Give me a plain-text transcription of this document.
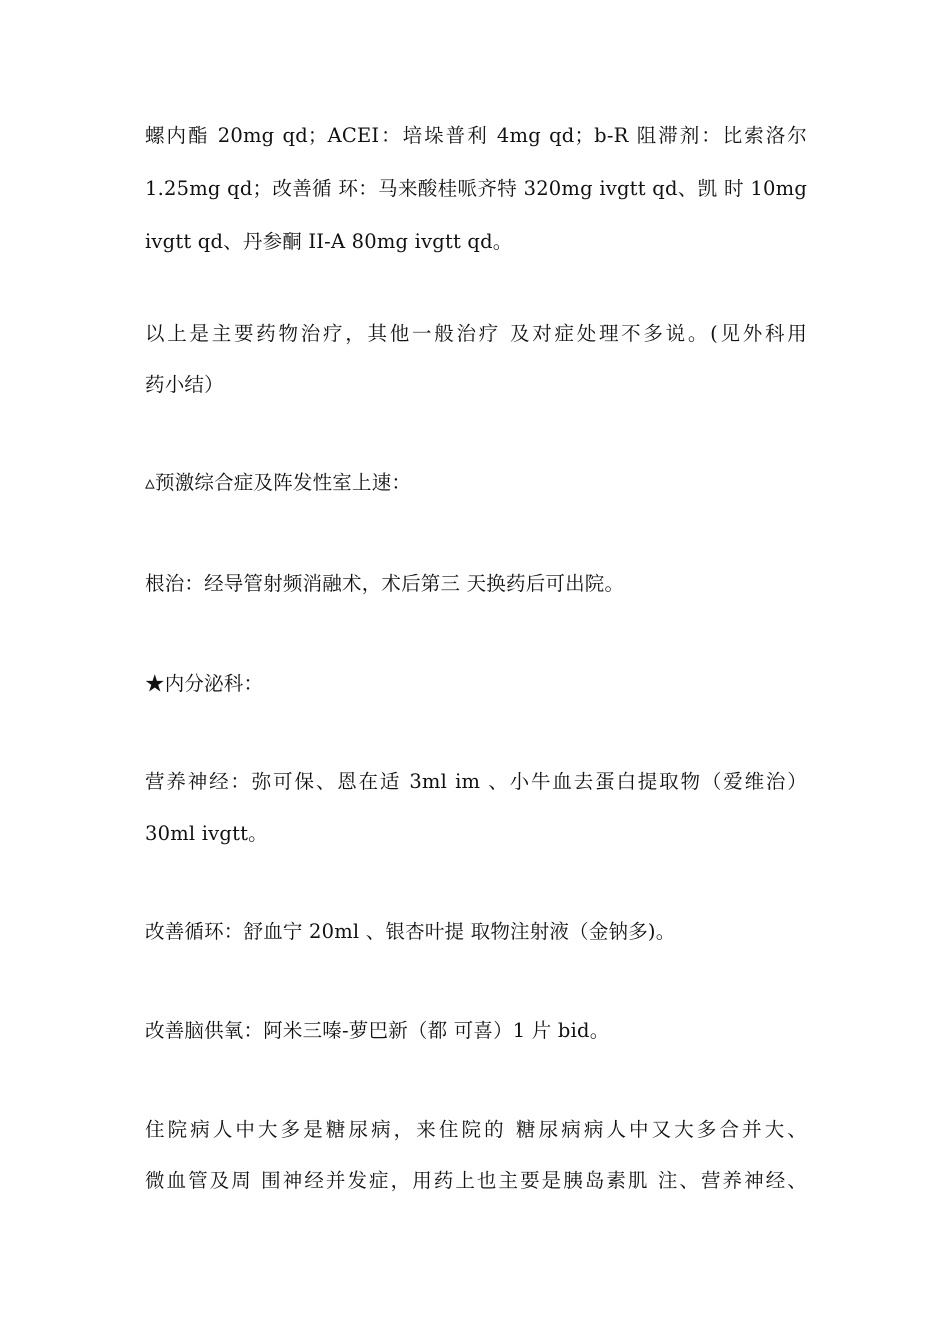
螺内酯 20mg qd；ACEI：培垛普利 4mg qd；b-R 阻滞剂：比索洛尔
1.25mg qd；改善循 环：马来酸桂哌齐特 320mg ivgtt qd、凯 时 10mg
ivgtt qd、丹参酮 II-A 80mg ivgtt qd。
以上是主要药物治疗，其他一般治疗 及对症处理不多说。(见外科用
药小结）
▵预激综合症及阵发性室上速：
根治：经导管射频消融术，术后第三 天换药后可出院。
★内分泌科：
营养神经：弥可保、恩在适 3ml im 、小牛血去蛋白提取物（爱维治）
30ml ivgtt。
改善循环：舒血宁 20ml 、银杏叶提 取物注射液（金钠多)。
改善脑供氧：阿米三嗪-萝巴新（都 可喜）1 片 bid。
住院病人中大多是糖尿病，来住院的 糖尿病病人中又大多合并大、
微血管及周 围神经并发症，用药上也主要是胰岛素肌 注、营养神经、
